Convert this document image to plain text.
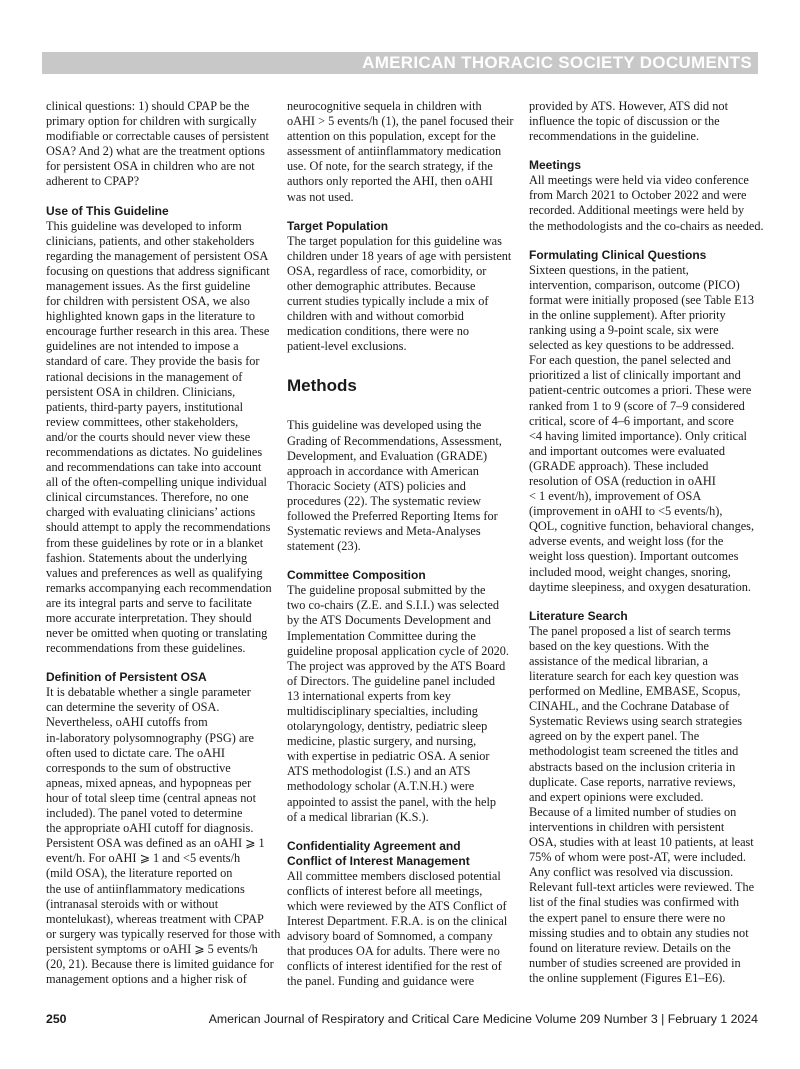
AMERICAN THORACIC SOCIETY DOCUMENTS

clinical questions: 1) should CPAP be the

primary option for children with surgically

modifiable or correctable causes of persistent

OSA? And 2) what are the treatment options

for persistent OSA in children who are not

adherent to CPAP?

Use of This Guideline

This guideline was developed to inform

clinicians, patients, and other stakeholders

regarding the management of persistent OSA

focusing on questions that address significant

management issues. As the first guideline

for children with persistent OSA, we also

highlighted known gaps in the literature to

encourage further research in this area. These

guidelines are not intended to impose a

standard of care. They provide the basis for

rational decisions in the management of

persistent OSA in children. Clinicians,

patients, third-party payers, institutional

review committees, other stakeholders,

and/or the courts should never view these

recommendations as dictates. No guidelines

and recommendations can take into account

all of the often-compelling unique individual

clinical circumstances. Therefore, no one

charged with evaluating clinicians’ actions

should attempt to apply the recommendations

from these guidelines by rote or in a blanket

fashion. Statements about the underlying

values and preferences as well as qualifying

remarks accompanying each recommendation

are its integral parts and serve to facilitate

more accurate interpretation. They should

never be omitted when quoting or translating

recommendations from these guidelines.

Definition of Persistent OSA

It is debatable whether a single parameter

can determine the severity of OSA.

Nevertheless, oAHI cutoffs from

in-laboratory polysomnography (PSG) are

often used to dictate care. The oAHI

corresponds to the sum of obstructive

apneas, mixed apneas, and hypopneas per

hour of total sleep time (central apneas not

included). The panel voted to determine

the appropriate oAHI cutoff for diagnosis.

Persistent OSA was defined as an oAHI ⩾ 1

event/h. For oAHI ⩾ 1 and <5 events/h

(mild OSA), the literature reported on

the use of antiinflammatory medications

(intranasal steroids with or without

montelukast), whereas treatment with CPAP

or surgery was typically reserved for those with

persistent symptoms or oAHI ⩾ 5 events/h

(20, 21). Because there is limited guidance for

management options and a higher risk of

neurocognitive sequela in children with

oAHI > 5 events/h (1), the panel focused their

attention on this population, except for the

assessment of antiinflammatory medication

use. Of note, for the search strategy, if the

authors only reported the AHI, then oAHI

was not used.

Target Population

The target population for this guideline was

children under 18 years of age with persistent

OSA, regardless of race, comorbidity, or

other demographic attributes. Because

current studies typically include a mix of

children with and without comorbid

medication conditions, there were no

patient-level exclusions.

Methods

This guideline was developed using the

Grading of Recommendations, Assessment,

Development, and Evaluation (GRADE)

approach in accordance with American

Thoracic Society (ATS) policies and

procedures (22). The systematic review

followed the Preferred Reporting Items for

Systematic reviews and Meta-Analyses

statement (23).

Committee Composition

The guideline proposal submitted by the

two co-chairs (Z.E. and S.I.I.) was selected

by the ATS Documents Development and

Implementation Committee during the

guideline proposal application cycle of 2020.

The project was approved by the ATS Board

of Directors. The guideline panel included

13 international experts from key

multidisciplinary specialties, including

otolaryngology, dentistry, pediatric sleep

medicine, plastic surgery, and nursing,

with expertise in pediatric OSA. A senior

ATS methodologist (I.S.) and an ATS

methodology scholar (A.T.N.H.) were

appointed to assist the panel, with the help

of a medical librarian (K.S.).

Confidentiality Agreement and
Conflict of Interest Management

All committee members disclosed potential

conflicts of interest before all meetings,

which were reviewed by the ATS Conflict of

Interest Department. F.R.A. is on the clinical

advisory board of Somnomed, a company

that produces OA for adults. There were no

conflicts of interest identified for the rest of

the panel. Funding and guidance were

provided by ATS. However, ATS did not

influence the topic of discussion or the

recommendations in the guideline.

Meetings

All meetings were held via video conference

from March 2021 to October 2022 and were

recorded. Additional meetings were held by

the methodologists and the co-chairs as needed.

Formulating Clinical Questions

Sixteen questions, in the patient,

intervention, comparison, outcome (PICO)

format were initially proposed (see Table E13

in the online supplement). After priority

ranking using a 9-point scale, six were

selected as key questions to be addressed.

For each question, the panel selected and

prioritized a list of clinically important and

patient-centric outcomes a priori. These were

ranked from 1 to 9 (score of 7–9 considered

critical, score of 4–6 important, and score

<4 having limited importance). Only critical

and important outcomes were evaluated

(GRADE approach). These included

resolution of OSA (reduction in oAHI

< 1 event/h), improvement of OSA

(improvement in oAHI to <5 events/h),

QOL, cognitive function, behavioral changes,

adverse events, and weight loss (for the

weight loss question). Important outcomes

included mood, weight changes, snoring,

daytime sleepiness, and oxygen desaturation.

Literature Search

The panel proposed a list of search terms

based on the key questions. With the

assistance of the medical librarian, a

literature search for each key question was

performed on Medline, EMBASE, Scopus,

CINAHL, and the Cochrane Database of

Systematic Reviews using search strategies

agreed on by the expert panel. The

methodologist team screened the titles and

abstracts based on the inclusion criteria in

duplicate. Case reports, narrative reviews,

and expert opinions were excluded.

Because of a limited number of studies on

interventions in children with persistent

OSA, studies with at least 10 patients, at least

75% of whom were post-AT, were included.

Any conflict was resolved via discussion.

Relevant full-text articles were reviewed. The

list of the final studies was confirmed with

the expert panel to ensure there were no

missing studies and to obtain any studies not

found on literature review. Details on the

number of studies screened are provided in

the online supplement (Figures E1–E6).

250	American Journal of Respiratory and Critical Care Medicine Volume 209 Number 3 | February 1 2024
